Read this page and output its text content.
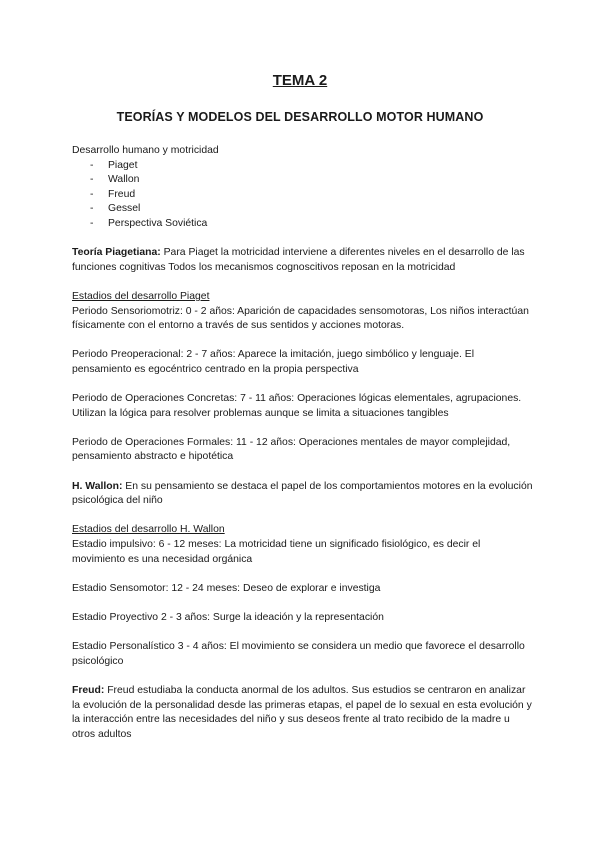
TEMA 2
TEORÍAS Y MODELOS DEL DESARROLLO MOTOR HUMANO

Desarrollo humano y motricidad

- Piaget
- Wallon
- Freud
- Gessel
- Perspectiva Soviética

Teoría Piagetiana: Para Piaget la motricidad interviene a diferentes niveles en el desarrollo de las funciones cognitivas Todos los mecanismos cognoscitivos reposan en la motricidad

Estadios del desarrollo Piaget

Periodo Sensoriomotriz: 0 - 2 años: Aparición de capacidades sensomotoras, Los niños interactúan físicamente con el entorno a través de sus sentidos y acciones motoras.

Periodo Preoperacional: 2 - 7 años: Aparece la imitación, juego simbólico y lenguaje. El pensamiento es egocéntrico centrado en la propia perspectiva

Periodo de Operaciones Concretas: 7 - 11 años: Operaciones lógicas elementales, agrupaciones. Utilizan la lógica para resolver problemas aunque se limita a situaciones tangibles

Periodo de Operaciones Formales: 11 - 12 años: Operaciones mentales de mayor complejidad, pensamiento abstracto e hipotética

H. Wallon: En su pensamiento se destaca el papel de los comportamientos motores en la evolución psicológica del niño

Estadios del desarrollo H. Wallon

Estadio impulsivo: 6 - 12 meses: La motricidad tiene un significado fisiológico, es decir el movimiento es una necesidad orgánica

Estadio Sensomotor: 12 - 24 meses: Deseo de explorar e investiga

Estadio Proyectivo 2 - 3 años: Surge la ideación y la representación

Estadio Personalístico 3 - 4 años: El movimiento se considera un medio que favorece el desarrollo psicológico

Freud: Freud estudiaba la conducta anormal de los adultos. Sus estudios se centraron en analizar la evolución de la personalidad desde las primeras etapas, el papel de lo sexual en esta evolución y la interacción entre las necesidades del niño y sus deseos frente al trato recibido de la madre u otros adultos
